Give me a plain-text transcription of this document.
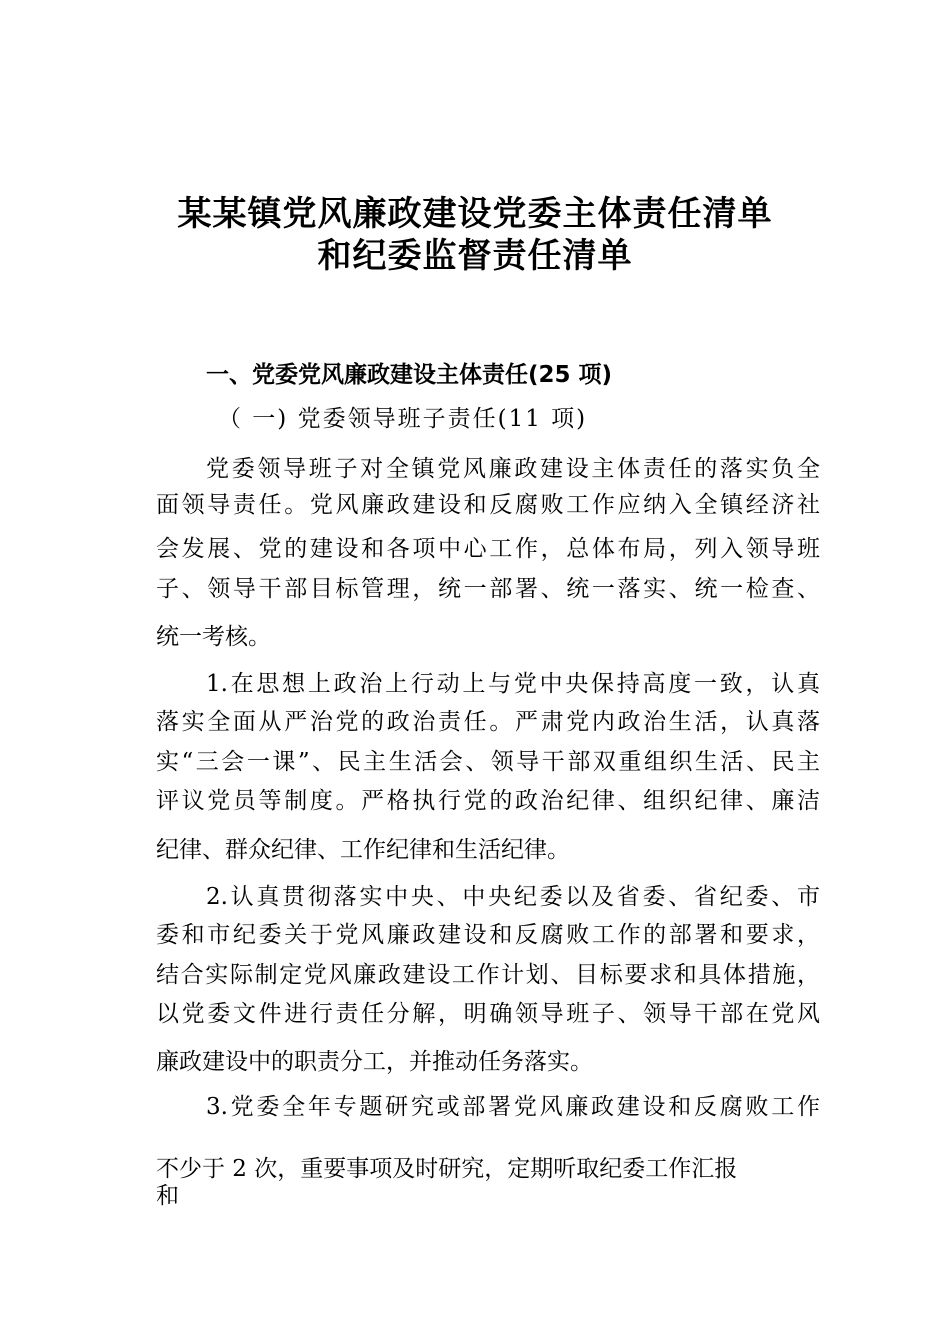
某某镇党风廉政建设党委主体责任清单
和纪委监督责任清单
一、党委党风廉政建设主体责任(25 项)
（ 一) 党委领导班子责任(11 项)
党委领导班子对全镇党风廉政建设主体责任的落实负全
面领导责任。党风廉政建设和反腐败工作应纳入全镇经济社
会发展、党的建设和各项中心工作，总体布局，列入领导班
子、领导干部目标管理，统一部署、统一落实、统一检查、
统一考核。
1.在思想上政治上行动上与党中央保持高度一致，认真
落实全面从严治党的政治责任。严肃党内政治生活，认真落
实“三会一课”、民主生活会、领导干部双重组织生活、民主
评议党员等制度。严格执行党的政治纪律、组织纪律、廉洁
纪律、群众纪律、工作纪律和生活纪律。
2.认真贯彻落实中央、中央纪委以及省委、省纪委、市
委和市纪委关于党风廉政建设和反腐败工作的部署和要求，
结合实际制定党风廉政建设工作计划、目标要求和具体措施，
以党委文件进行责任分解，明确领导班子、领导干部在党风
廉政建设中的职责分工，并推动任务落实。
3.党委全年专题研究或部署党风廉政建设和反腐败工作
不少于 2 次，重要事项及时研究，定期听取纪委工作汇报
和
